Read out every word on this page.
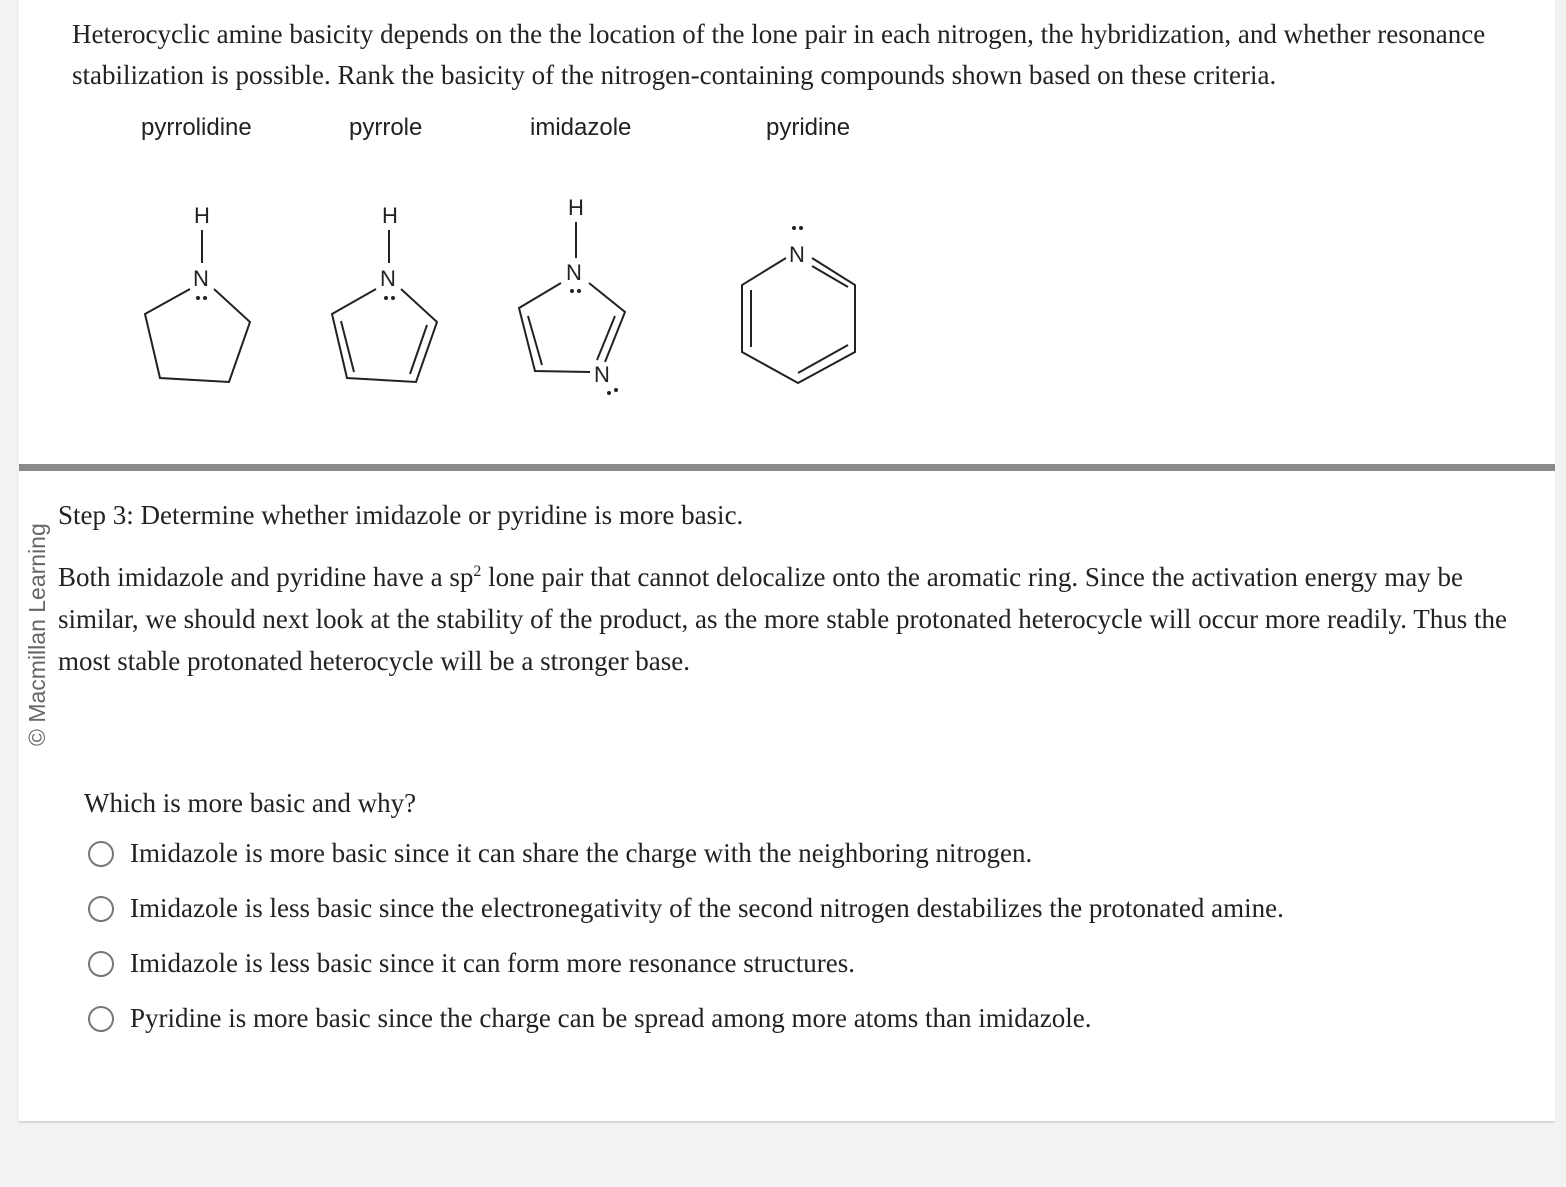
Heterocyclic amine basicity depends on the the location of the lone pair in each nitrogen, the hybridization, and whether resonance stabilization is possible. Rank the basicity of the nitrogen-containing compounds shown based on these criteria.

pyrrolidine	pyrrole	imidazole	pyridine
H
N
H
N
H
N
N
N
© Macmillan Learning

Step 3: Determine whether imidazole or pyridine is more basic.

Both imidazole and pyridine have a $sp^2$ lone pair that cannot delocalize onto the aromatic ring. Since the activation energy may be similar, we should next look at the stability of the product, as the more stable protonated heterocycle will occur more readily. Thus the most stable protonated heterocycle will be a stronger base.

Which is more basic and why?

Imidazole is more basic since it can share the charge with the neighboring nitrogen.
Imidazole is less basic since the electronegativity of the second nitrogen destabilizes the protonated amine.
Imidazole is less basic since it can form more resonance structures.
Pyridine is more basic since the charge can be spread among more atoms than imidazole.
